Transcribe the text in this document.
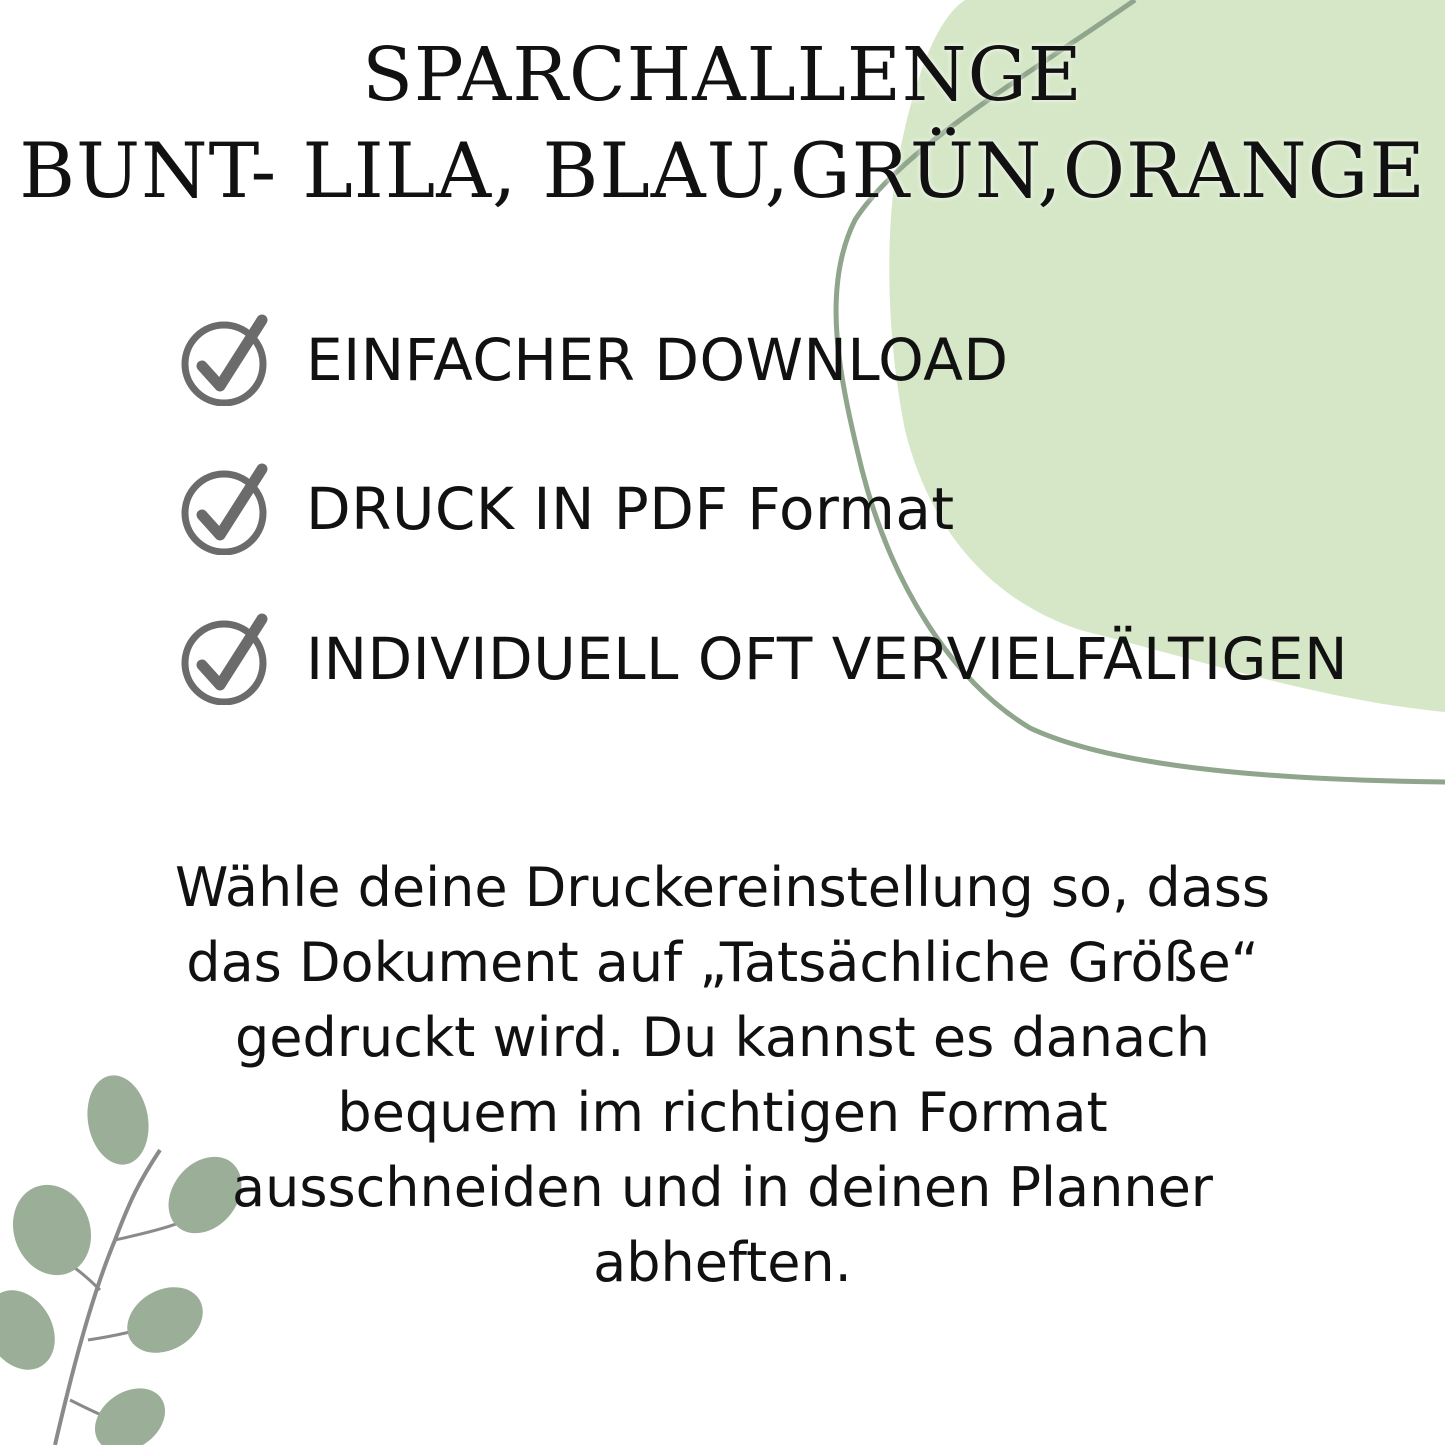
SPARCHALLENGE
BUNT- LILA, BLAU,GRÜN,ORANGE
EINFACHER DOWNLOAD
DRUCK IN PDF Format
INDIVIDUELL OFT VERVIELFÄLTIGEN

Wähle deine Druckereinstellung so, dass

das Dokument auf „Tatsächliche Größe“

gedruckt wird. Du kannst es danach

bequem im richtigen Format

ausschneiden und in deinen Planner

abheften.
